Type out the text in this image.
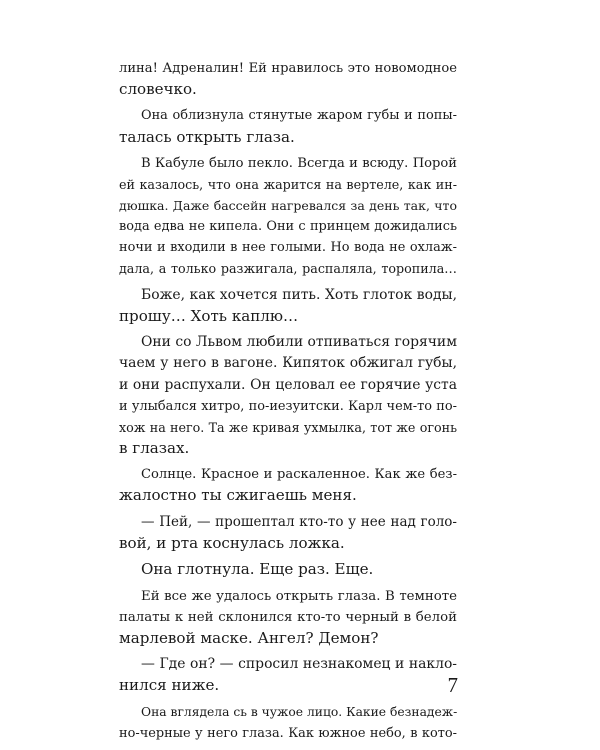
лина! Адреналин! Ей нравилось это новомодное
словечко.
Она облизнула стянутые жаром губы и попы-
талась открыть глаза.
В Кабуле было пекло. Всегда и всюду. Порой
ей казалось, что она жарится на вертеле, как ин-
дюшка. Даже бассейн нагревался за день так, что
вода едва не кипела. Они с принцем дожидались
ночи и входили в нее голыми. Но вода не охлаж-
дала, а только разжигала, распаляла, торопила…
Боже, как хочется пить. Хоть глоток воды,
прошу… Хоть каплю…
Они со Львом любили отпиваться горячим
чаем у него в вагоне. Кипяток обжигал губы,
и они распухали. Он целовал ее горячие уста
и улыбался хитро, по-иезуитски. Карл чем-то по-
хож на него. Та же кривая ухмылка, тот же огонь
в глазах.
Солнце. Красное и раскаленное. Как же без-
жалостно ты сжигаешь меня.
— Пей, — прошептал кто-то у нее над голо-
вой, и рта коснулась ложка.
Она глотнула. Еще раз. Еще.
Ей все же удалось открыть глаза. В темноте
палаты к ней склонился кто-то черный в белой
марлевой маске. Ангел? Демон?
— Где он? — спросил незнакомец и накло-
нился ниже.
Она вглядела сь в чужое лицо. Какие безнадеж-
но-черные у него глаза. Как южное небо, в кото-
7
